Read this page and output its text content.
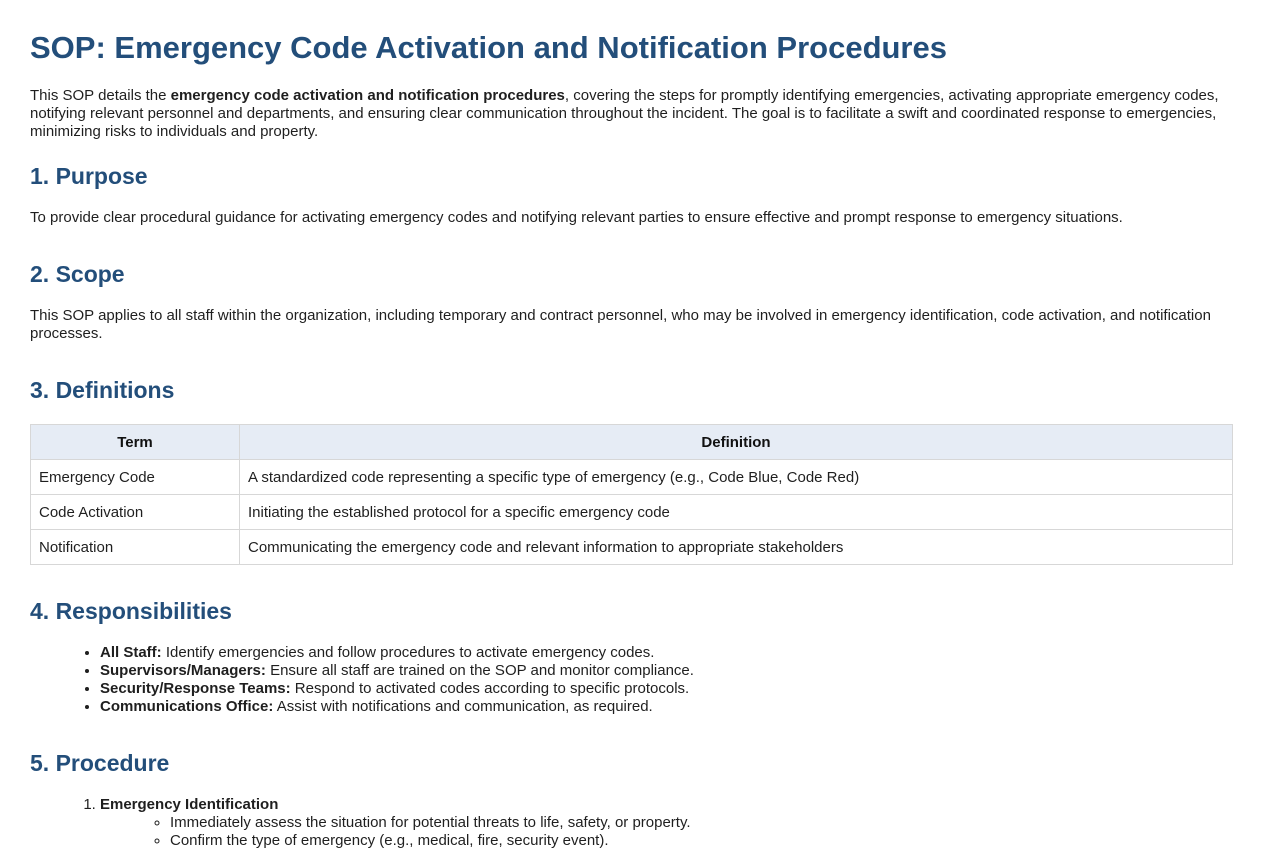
SOP: Emergency Code Activation and Notification Procedures

This SOP details the emergency code activation and notification procedures, covering the steps for promptly identifying emergencies, activating appropriate emergency codes, notifying relevant personnel and departments, and ensuring clear communication throughout the incident. The goal is to facilitate a swift and coordinated response to emergencies, minimizing risks to individuals and property.

1. Purpose

To provide clear procedural guidance for activating emergency codes and notifying relevant parties to ensure effective and prompt response to emergency situations.

2. Scope

This SOP applies to all staff within the organization, including temporary and contract personnel, who may be involved in emergency identification, code activation, and notification processes.

3. Definitions
Term	Definition
Emergency Code	A standardized code representing a specific type of emergency (e.g., Code Blue, Code Red)
Code Activation	Initiating the established protocol for a specific emergency code
Notification	Communicating the emergency code and relevant information to appropriate stakeholders
4. Responsibilities
• All Staff: Identify emergencies and follow procedures to activate emergency codes.
• Supervisors/Managers: Ensure all staff are trained on the SOP and monitor compliance.
• Security/Response Teams: Respond to activated codes according to specific protocols.
• Communications Office: Assist with notifications and communication, as required.
5. Procedure
1. Emergency Identification
◦ Immediately assess the situation for potential threats to life, safety, or property.
◦ Confirm the type of emergency (e.g., medical, fire, security event).
